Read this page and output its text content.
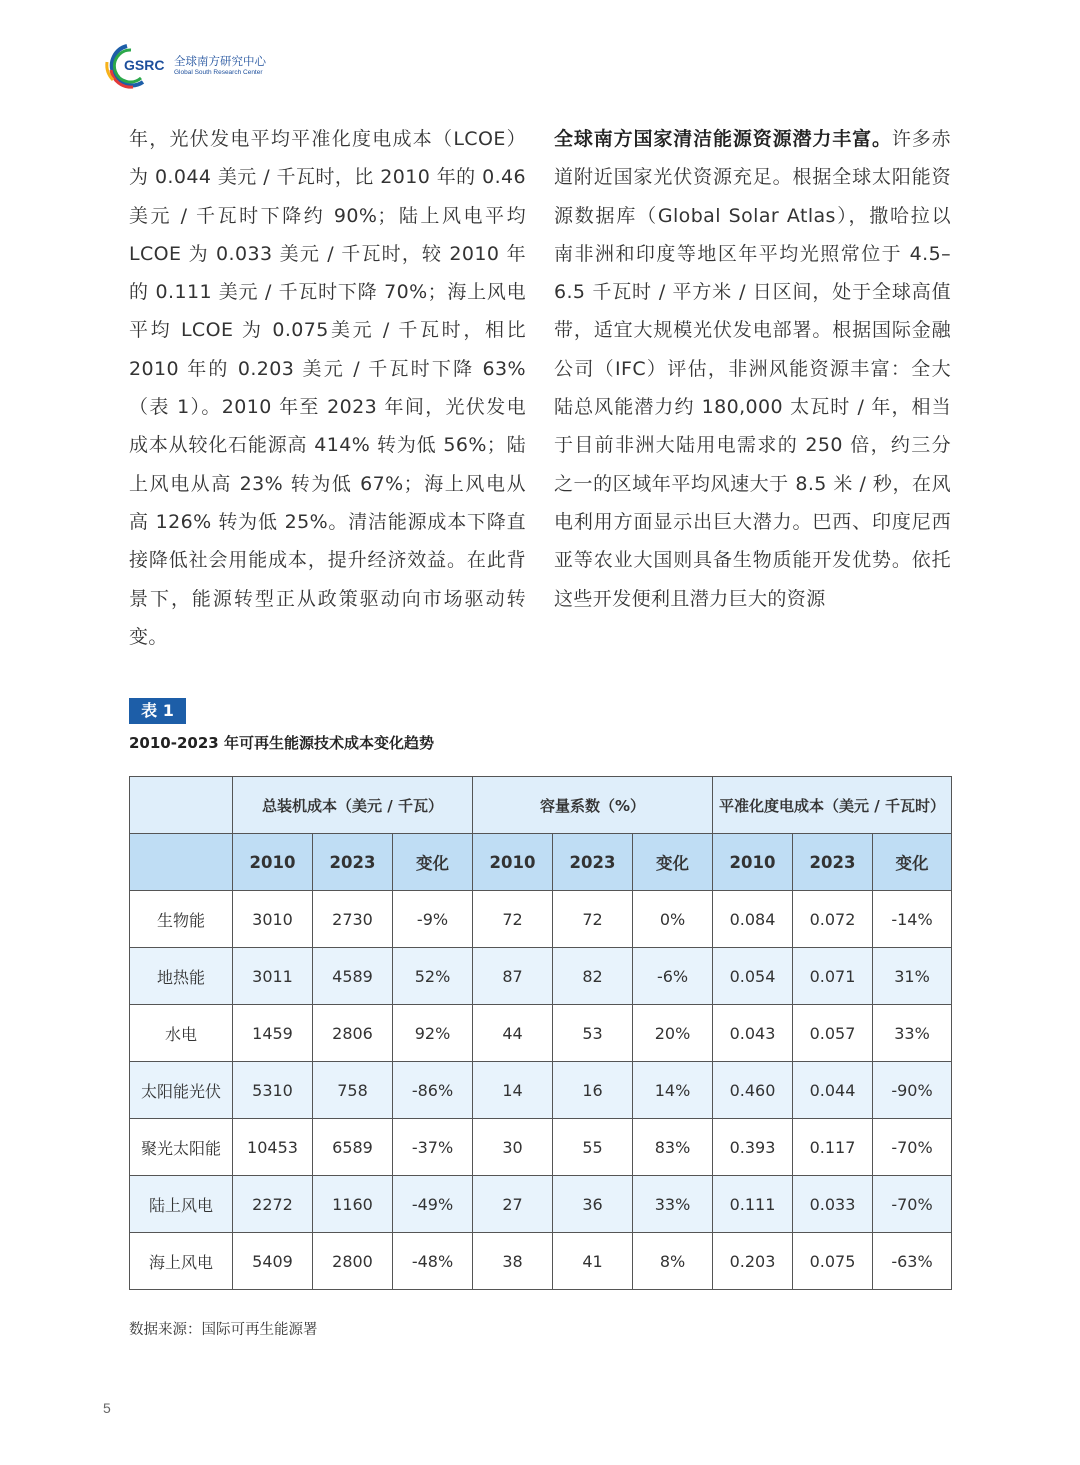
GSRC 全球南方研究中心
Global South Research Center
年，光伏发电平均平准化度电成本（LCOE）为 0.044 美元 / 千瓦时，比 2010 年的 0.46 美元 / 千瓦时下降约 90%；陆上风电平均 LCOE 为 0.033 美元 / 千瓦时，较 2010 年的 0.111 美元 / 千瓦时下降 70%；海上风电平均 LCOE 为 0.075美元 / 千瓦时，相比 2010 年的 0.203 美元 / 千瓦时下降 63%（表 1）。2010 年至 2023 年间，光伏发电成本从较化石能源高 414% 转为低 56%；陆上风电从高 23% 转为低 67%；海上风电从高 126% 转为低 25%。清洁能源成本下降直接降低社会用能成本，提升经济效益。在此背景下，能源转型正从政策驱动向市场驱动转变。
全球南方国家清洁能源资源潜力丰富。许多赤道附近国家光伏资源充足。根据全球太阳能资源数据库（Global Solar Atlas），撒哈拉以南非洲和印度等地区年平均光照常位于 4.5–6.5 千瓦时 / 平方米 / 日区间，处于全球高值带，适宜大规模光伏发电部署。根据国际金融公司（IFC）评估，非洲风能资源丰富：全大陆总风能潜力约 180,000 太瓦时 / 年，相当于目前非洲大陆用电需求的 250 倍，约三分之一的区域年平均风速大于 8.5 米 / 秒，在风电利用方面显示出巨大潜力。巴西、印度尼西亚等农业大国则具备生物质能开发优势。依托这些开发便利且潜力巨大的资源
表 1
2010-2023 年可再生能源技术成本变化趋势
	总装机成本（美元 / 千瓦）			容量系数（%）			平准化度电成本（美元 / 千瓦时）		
	2010	2023	变化	2010	2023	变化	2010	2023	变化
生物能	3010	2730	-9%	72	72	0%	0.084	0.072	-14%
地热能	3011	4589	52%	87	82	-6%	0.054	0.071	31%
水电	1459	2806	92%	44	53	20%	0.043	0.057	33%
太阳能光伏	5310	758	-86%	14	16	14%	0.460	0.044	-90%
聚光太阳能	10453	6589	-37%	30	55	83%	0.393	0.117	-70%
陆上风电	2272	1160	-49%	27	36	33%	0.111	0.033	-70%
海上风电	5409	2800	-48%	38	41	8%	0.203	0.075	-63%
数据来源：国际可再生能源署
5
